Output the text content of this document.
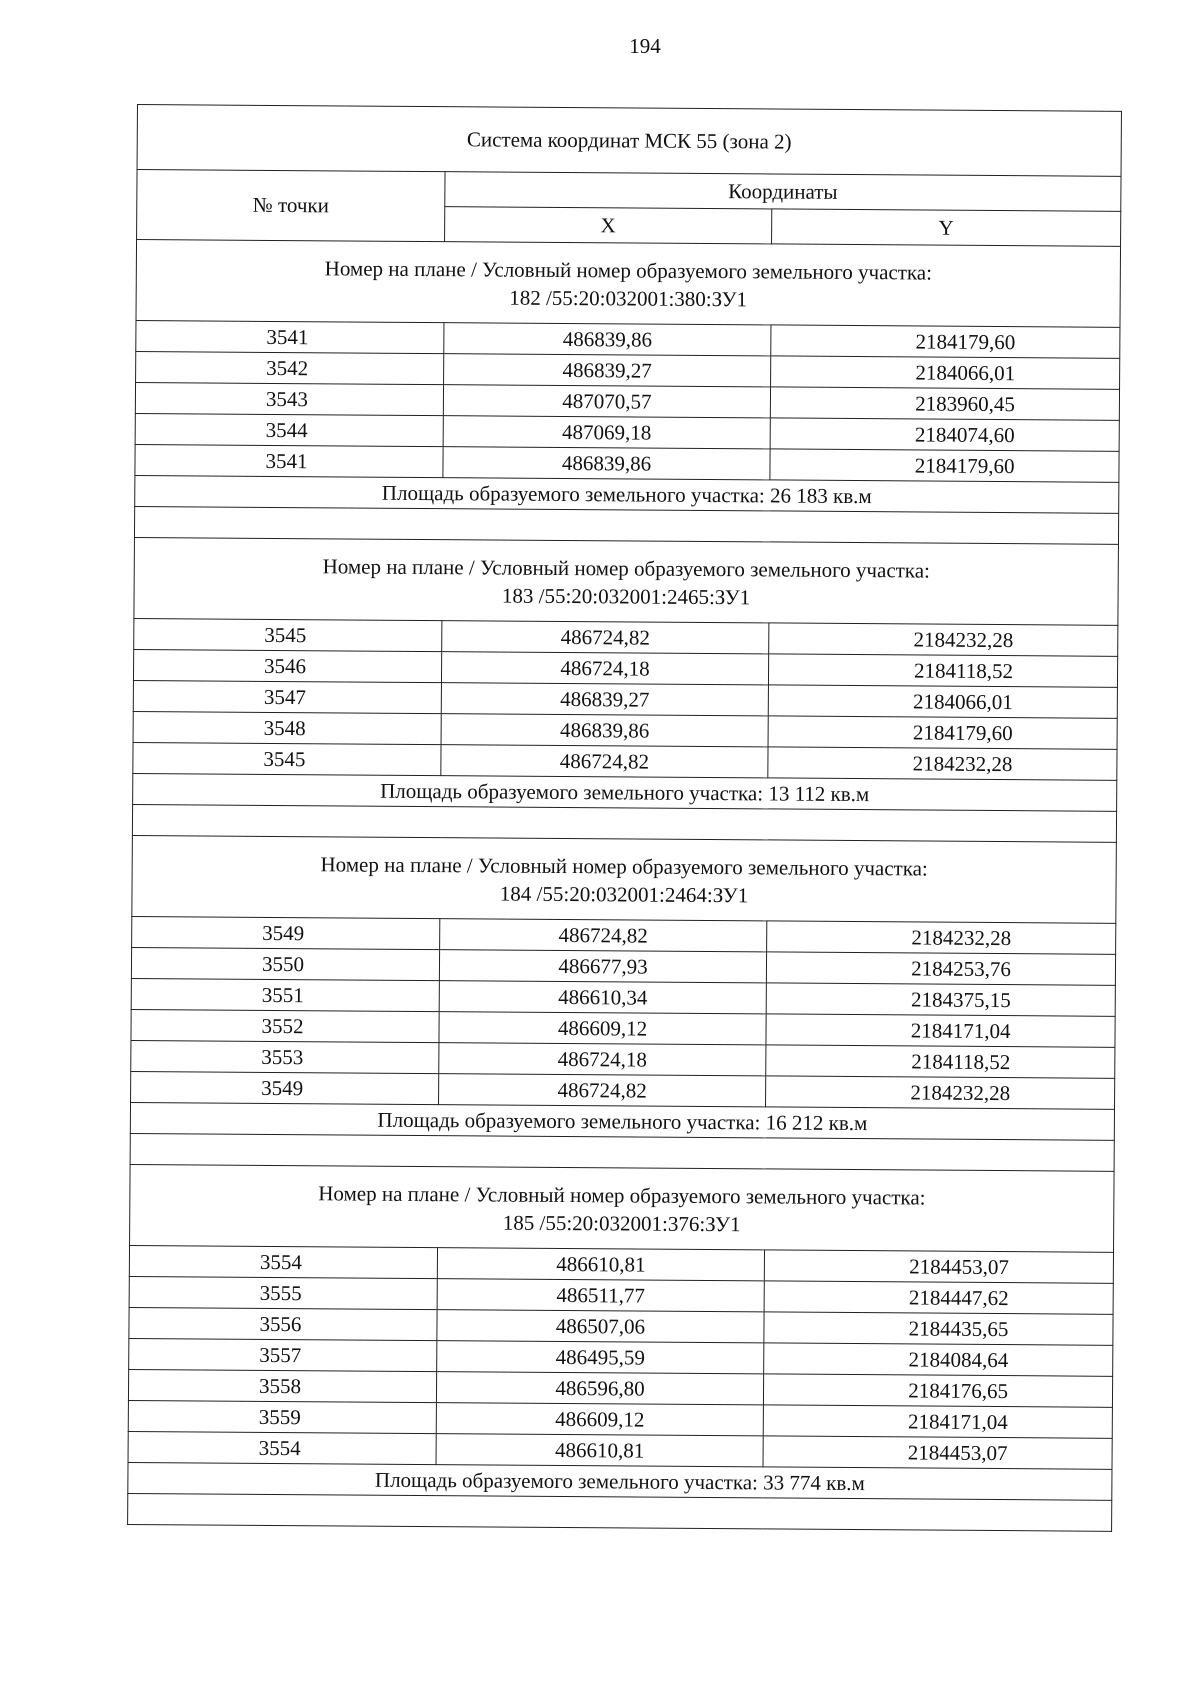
194
Система координат МСК 55 (зона 2)		
№ точки	Координаты	
	X	Y

Номер на плане / Условный номер образуемого земельного участка:
182 /55:20:032001:380:ЗУ1		

3541	486839,86	2184179,60
3542	486839,27	2184066,01
3543	487070,57	2183960,45
3544	487069,18	2184074,60
3541	486839,86	2184179,60
Площадь образуемого земельного участка: 26 183 кв.м		

Номер на плане / Условный номер образуемого земельного участка:
183 /55:20:032001:2465:ЗУ1		

3545	486724,82	2184232,28
3546	486724,18	2184118,52
3547	486839,27	2184066,01
3548	486839,86	2184179,60
3545	486724,82	2184232,28
Площадь образуемого земельного участка: 13 112 кв.м		

Номер на плане / Условный номер образуемого земельного участка:
184 /55:20:032001:2464:ЗУ1		

3549	486724,82	2184232,28
3550	486677,93	2184253,76
3551	486610,34	2184375,15
3552	486609,12	2184171,04
3553	486724,18	2184118,52
3549	486724,82	2184232,28
Площадь образуемого земельного участка: 16 212 кв.м		

Номер на плане / Условный номер образуемого земельного участка:
185 /55:20:032001:376:ЗУ1		

3554	486610,81	2184453,07
3555	486511,77	2184447,62
3556	486507,06	2184435,65
3557	486495,59	2184084,64
3558	486596,80	2184176,65
3559	486609,12	2184171,04
3554	486610,81	2184453,07
Площадь образуемого земельного участка: 33 774 кв.м		
